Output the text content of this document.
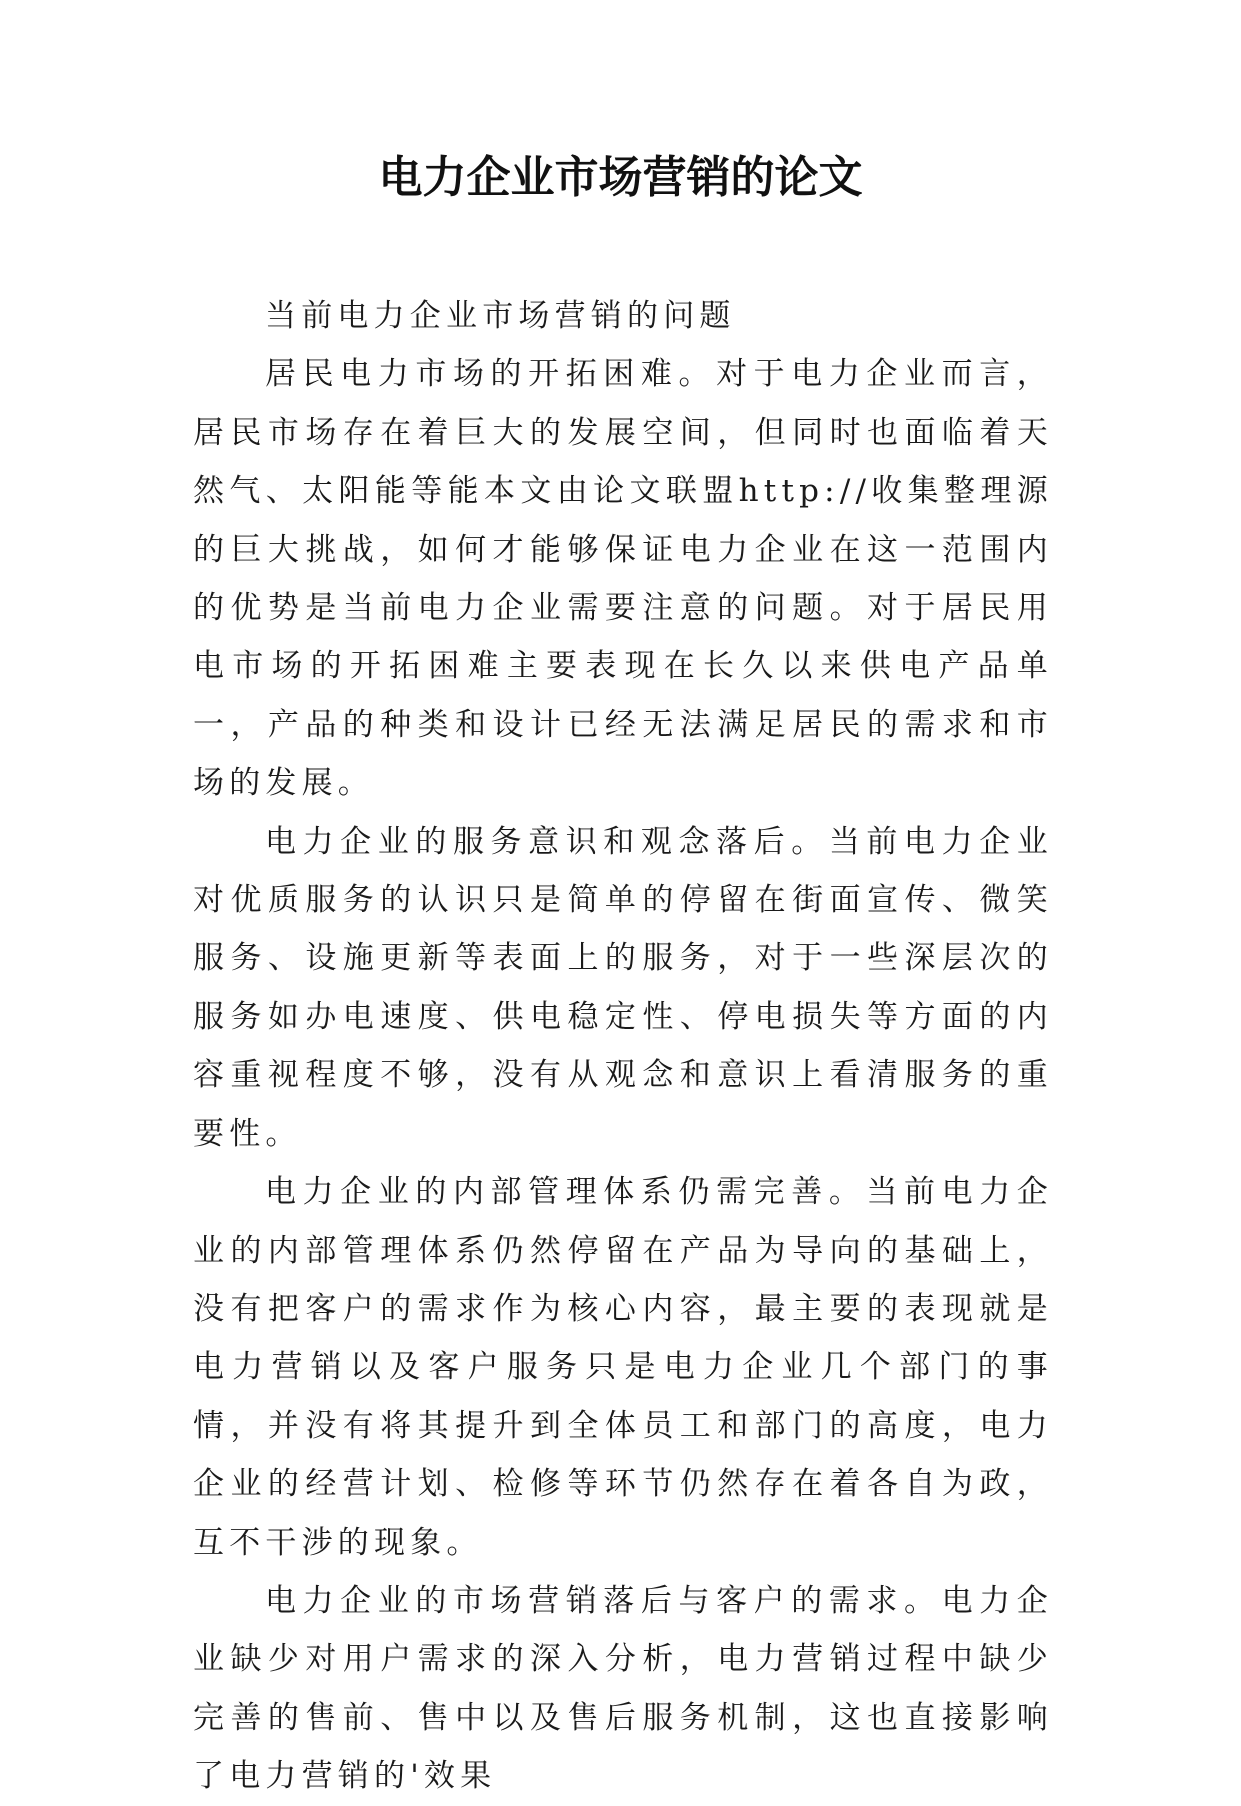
电力企业市场营销的论文

当前电力企业市场营销的问题

居民电力市场的开拓困难。对于电力企业而言，居民市场存在着巨大的发展空间，但同时也面临着天然气、太阳能等能本文由论文联盟http://收集整理源的巨大挑战，如何才能够保证电力企业在这一范围内的优势是当前电力企业需要注意的问题。对于居民用电市场的开拓困难主要表现在长久以来供电产品单一，产品的种类和设计已经无法满足居民的需求和市场的发展。

电力企业的服务意识和观念落后。当前电力企业对优质服务的认识只是简单的停留在街面宣传、微笑服务、设施更新等表面上的服务，对于一些深层次的服务如办电速度、供电稳定性、停电损失等方面的内容重视程度不够，没有从观念和意识上看清服务的重要性。

电力企业的内部管理体系仍需完善。当前电力企业的内部管理体系仍然停留在产品为导向的基础上，没有把客户的需求作为核心内容，最主要的表现就是电力营销以及客户服务只是电力企业几个部门的事情，并没有将其提升到全体员工和部门的高度，电力企业的经营计划、检修等环节仍然存在着各自为政，互不干涉的现象。

电力企业的市场营销落后与客户的需求。电力企业缺少对用户需求的深入分析，电力营销过程中缺少完善的售前、售中以及售后服务机制，这也直接影响了电力营销的'效果
